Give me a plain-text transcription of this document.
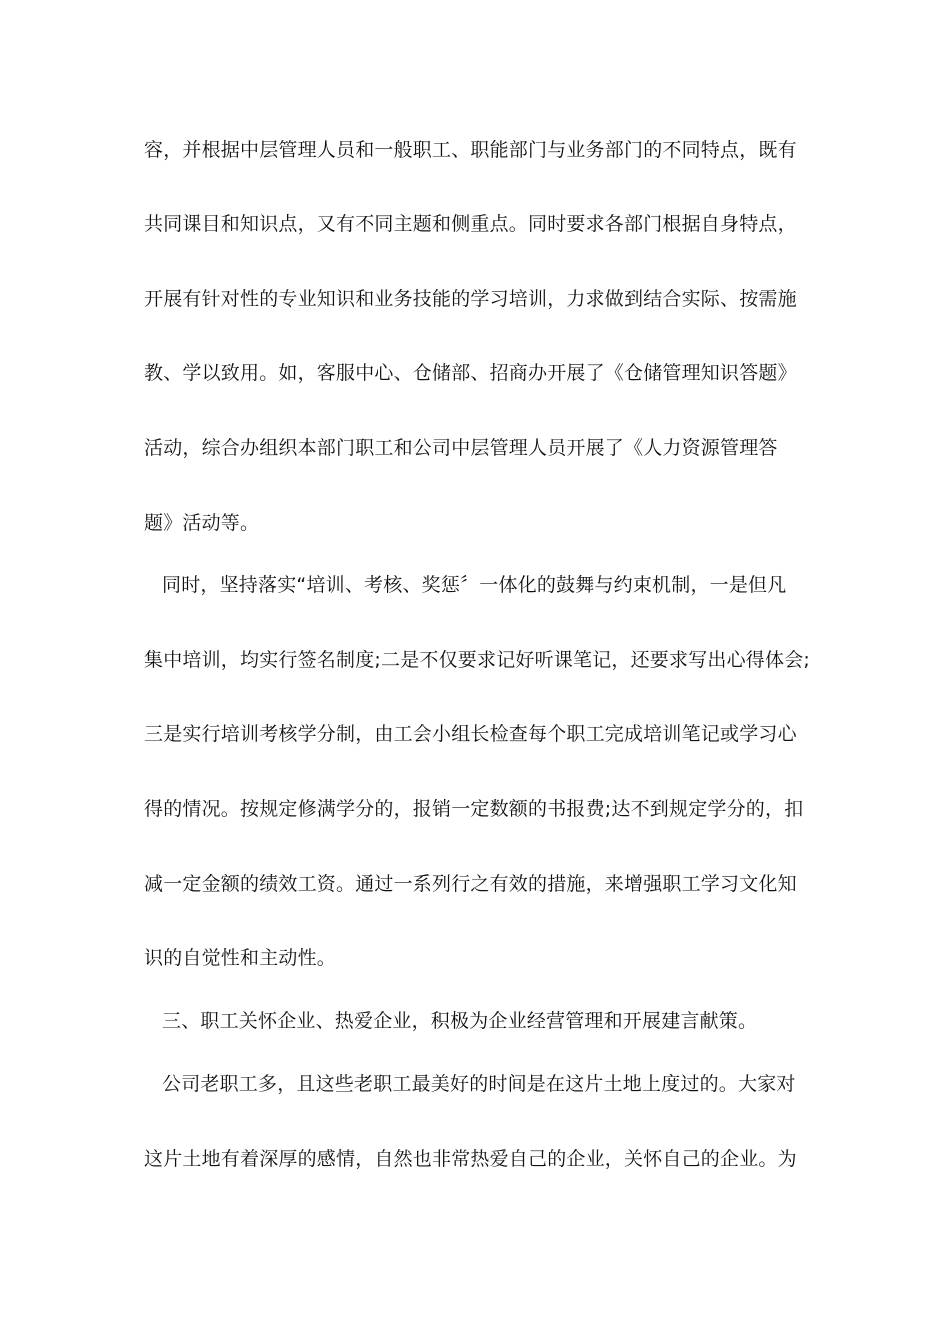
容，并根据中层管理人员和一般职工、职能部门与业务部门的不同特点，既有
共同课目和知识点，又有不同主题和侧重点。同时要求各部门根据自身特点，
开展有针对性的专业知识和业务技能的学习培训，力求做到结合实际、按需施
教、学以致用。如，客服中心、仓储部、招商办开展了《仓储管理知识答题》
活动，综合办组织本部门职工和公司中层管理人员开展了《人力资源管理答
题》活动等。
同时，坚持落实“培训、考核、奖惩〞一体化的鼓舞与约束机制，一是但凡
集中培训，均实行签名制度;二是不仅要求记好听课笔记，还要求写出心得体会;
三是实行培训考核学分制，由工会小组长检查每个职工完成培训笔记或学习心
得的情况。按规定修满学分的，报销一定数额的书报费;达不到规定学分的，扣
减一定金额的绩效工资。通过一系列行之有效的措施，来增强职工学习文化知
识的自觉性和主动性。
三、职工关怀企业、热爱企业，积极为企业经营管理和开展建言献策。
公司老职工多，且这些老职工最美好的时间是在这片土地上度过的。大家对
这片土地有着深厚的感情，自然也非常热爱自己的企业，关怀自己的企业。为
